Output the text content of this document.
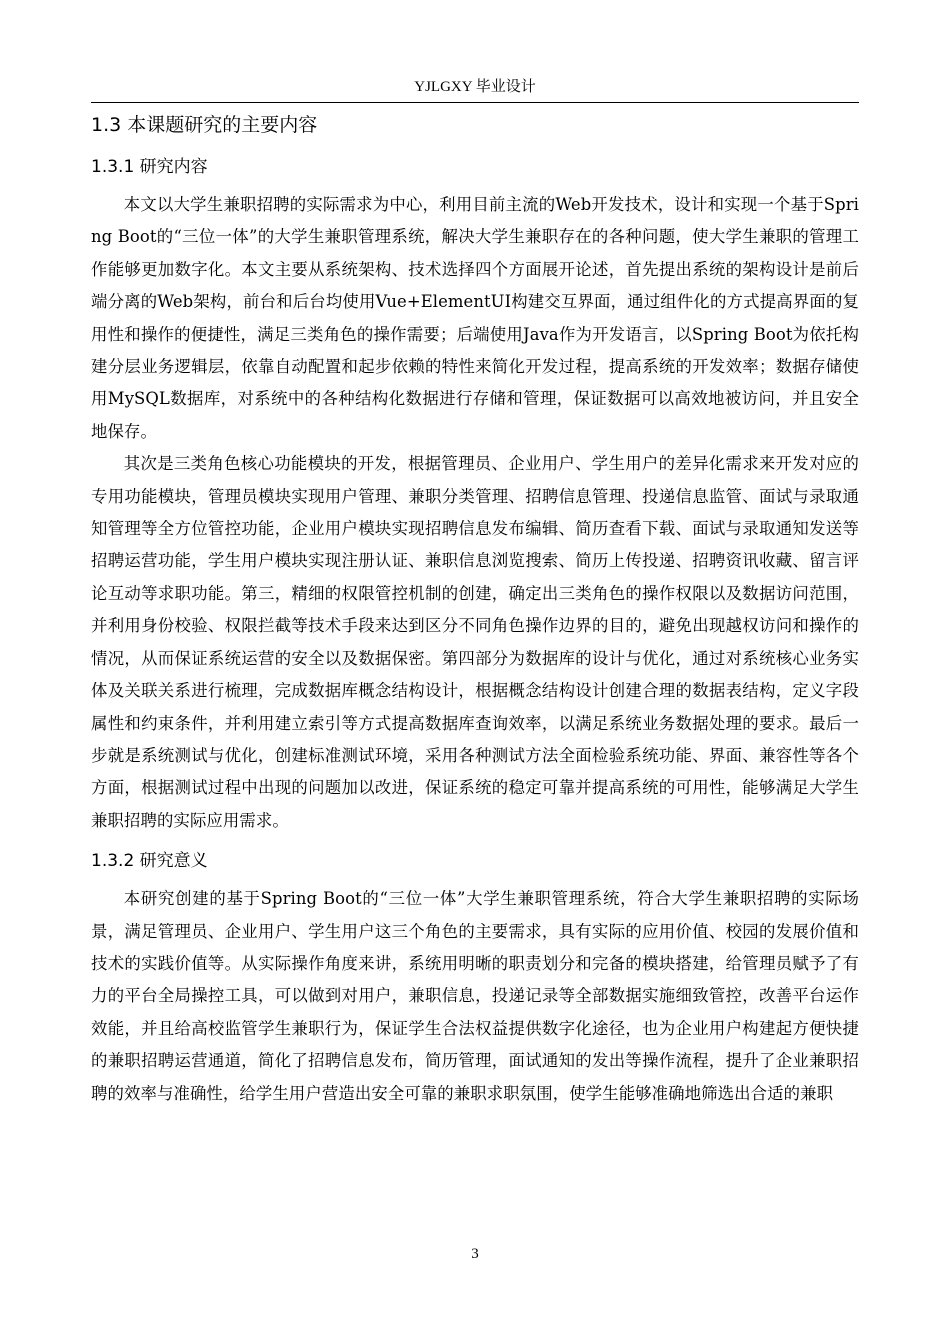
YJLGXY 毕业设计
1.3 本课题研究的主要内容
1.3.1 研究内容

本文以大学生兼职招聘的实际需求为中心，利用目前主流的Web开发技术，设计和实现一个基于Spring Boot的“三位一体”的大学生兼职管理系统，解决大学生兼职存在的各种问题，使大学生兼职的管理工作能够更加数字化。本文主要从系统架构、技术选择四个方面展开论述，首先提出系统的架构设计是前后端分离的Web架构，前台和后台均使用Vue+ElementUI构建交互界面，通过组件化的方式提高界面的复用性和操作的便捷性，满足三类角色的操作需要；后端使用Java作为开发语言，以Spring Boot为依托构建分层业务逻辑层，依靠自动配置和起步依赖的特性来简化开发过程，提高系统的开发效率；数据存储使用MySQL数据库，对系统中的各种结构化数据进行存储和管理，保证数据可以高效地被访问，并且安全地保存。

其次是三类角色核心功能模块的开发，根据管理员、企业用户、学生用户的差异化需求来开发对应的专用功能模块，管理员模块实现用户管理、兼职分类管理、招聘信息管理、投递信息监管、面试与录取通知管理等全方位管控功能，企业用户模块实现招聘信息发布编辑、简历查看下载、面试与录取通知发送等招聘运营功能，学生用户模块实现注册认证、兼职信息浏览搜索、简历上传投递、招聘资讯收藏、留言评论互动等求职功能。第三，精细的权限管控机制的创建，确定出三类角色的操作权限以及数据访问范围，并利用身份校验、权限拦截等技术手段来达到区分不同角色操作边界的目的，避免出现越权访问和操作的情况，从而保证系统运营的安全以及数据保密。第四部分为数据库的设计与优化，通过对系统核心业务实体及关联关系进行梳理，完成数据库概念结构设计，根据概念结构设计创建合理的数据表结构，定义字段属性和约束条件，并利用建立索引等方式提高数据库查询效率，以满足系统业务数据处理的要求。最后一步就是系统测试与优化，创建标准测试环境，采用各种测试方法全面检验系统功能、界面、兼容性等各个方面，根据测试过程中出现的问题加以改进，保证系统的稳定可靠并提高系统的可用性，能够满足大学生兼职招聘的实际应用需求。

1.3.2 研究意义

本研究创建的基于Spring Boot的“三位一体”大学生兼职管理系统，符合大学生兼职招聘的实际场景，满足管理员、企业用户、学生用户这三个角色的主要需求，具有实际的应用价值、校园的发展价值和技术的实践价值等。从实际操作角度来讲，系统用明晰的职责划分和完备的模块搭建，给管理员赋予了有力的平台全局操控工具，可以做到对用户，兼职信息，投递记录等全部数据实施细致管控，改善平台运作效能，并且给高校监管学生兼职行为，保证学生合法权益提供数字化途径，也为企业用户构建起方便快捷的兼职招聘运营通道，简化了招聘信息发布，简历管理，面试通知的发出等操作流程，提升了企业兼职招聘的效率与准确性，给学生用户营造出安全可靠的兼职求职氛围，使学生能够准确地筛选出合适的兼职

3
